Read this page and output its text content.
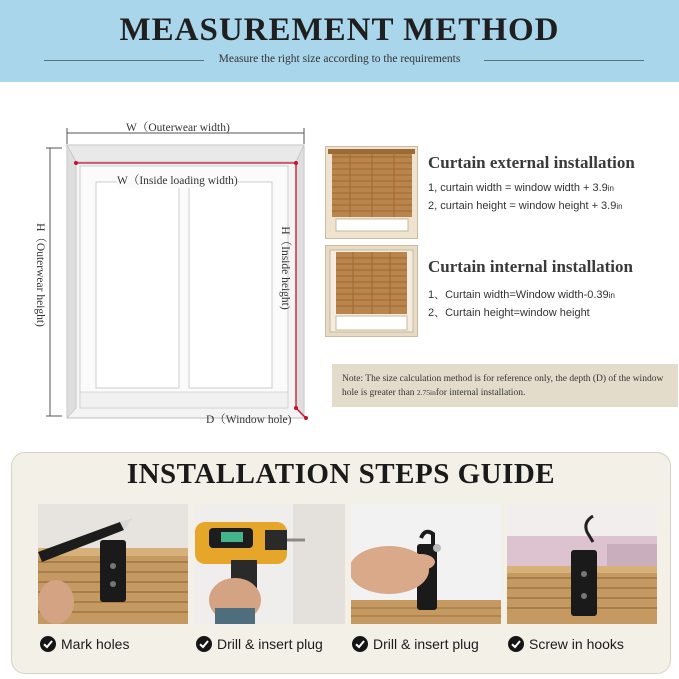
MEASUREMENT METHOD
Measure the right size according to the requirements
W（Outerwear width)
W（Inside loading width)
H（Outerwear height)	H（Inside height)
D（Window hole)
Curtain external installation
1, curtain width = window width + 3.9in
2, curtain height = window height + 3.9in
Curtain internal installation
1、Curtain width=Window width-0.39in
2、Curtain height=window height
Note: The size calculation method is for reference only, the depth (D) of the window hole is greater than 2.75infor internal installation.
INSTALLATION STEPS GUIDE
Mark holes	Drill & insert plug	Drill & insert plug	Screw in hooks
